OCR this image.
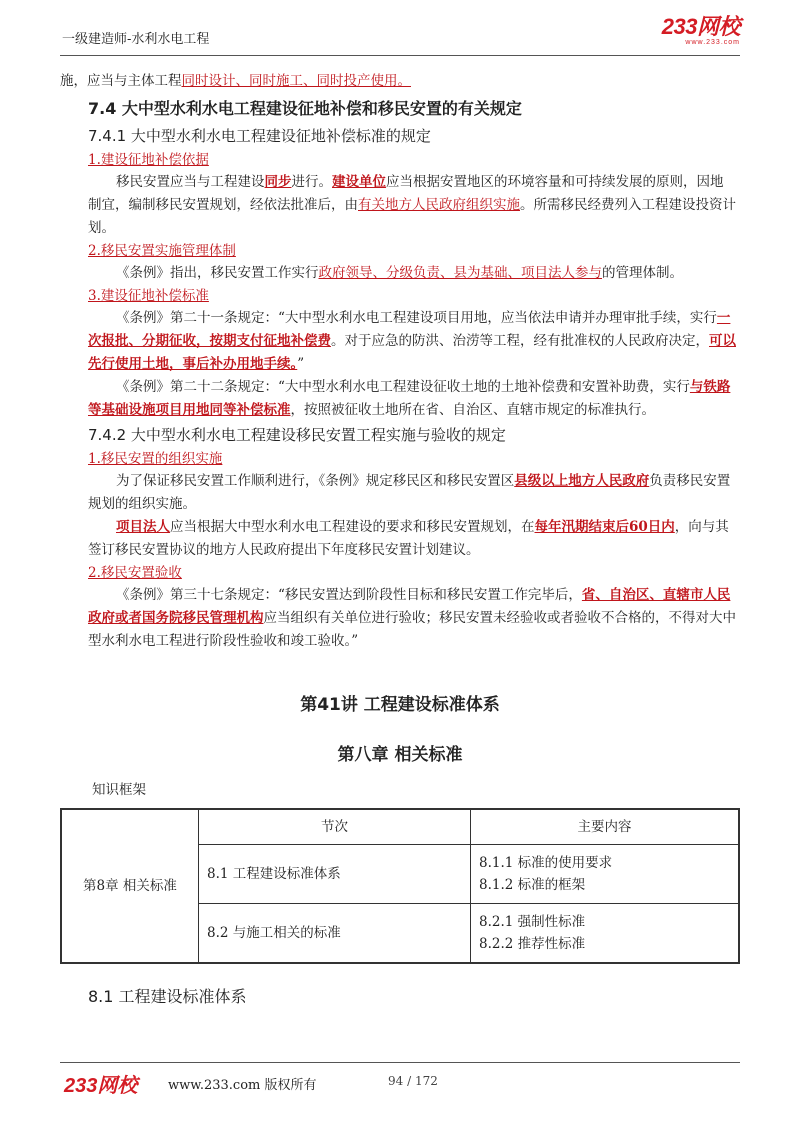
一级建造师-水利水电工程
233网校
www.233.com

施，应当与主体工程同时设计、同时施工、同时投产使用。

7.4 大中型水利水电工程建设征地补偿和移民安置的有关规定
7.4.1 大中型水利水电工程建设征地补偿标准的规定

1.建设征地补偿依据

移民安置应当与工程建设同步进行。建设单位应当根据安置地区的环境容量和可持续发展的原则，因地制宜，编制移民安置规划，经依法批准后，由有关地方人民政府组织实施。所需移民经费列入工程建设投资计划。

2.移民安置实施管理体制

《条例》指出，移民安置工作实行政府领导、分级负责、县为基础、项目法人参与的管理体制。

3.建设征地补偿标准

《条例》第二十一条规定：“大中型水利水电工程建设项目用地，应当依法申请并办理审批手续，实行一次报批、分期征收，按期支付征地补偿费。对于应急的防洪、治涝等工程，经有批准权的人民政府决定，可以先行使用土地，事后补办用地手续。”

《条例》第二十二条规定：“大中型水利水电工程建设征收土地的土地补偿费和安置补助费，实行与铁路等基础设施项目用地同等补偿标准，按照被征收土地所在省、自治区、直辖市规定的标准执行。

7.4.2 大中型水利水电工程建设移民安置工程实施与验收的规定

1.移民安置的组织实施

为了保证移民安置工作顺利进行，《条例》规定移民区和移民安置区县级以上地方人民政府负责移民安置规划的组织实施。

项目法人应当根据大中型水利水电工程建设的要求和移民安置规划，在每年汛期结束后60日内，向与其签订移民安置协议的地方人民政府提出下年度移民安置计划建议。

2.移民安置验收

《条例》第三十七条规定：“移民安置达到阶段性目标和移民安置工作完毕后，省、自治区、直辖市人民政府或者国务院移民管理机构应当组织有关单位进行验收；移民安置未经验收或者验收不合格的，不得对大中型水利水电工程进行阶段性验收和竣工验收。”

第41讲 工程建设标准体系
第八章 相关标准
知识框架
第8章 相关标准	节次	主要内容
	8.1 工程建设标准体系	8.1.1 标准的使用要求
8.1.2 标准的框架

	8.2 与施工相关的标准	8.2.1 强制性标准
8.2.2 推荐性标准
8.1 工程建设标准体系
233网校 www.233.com 版权所有	94 / 172
